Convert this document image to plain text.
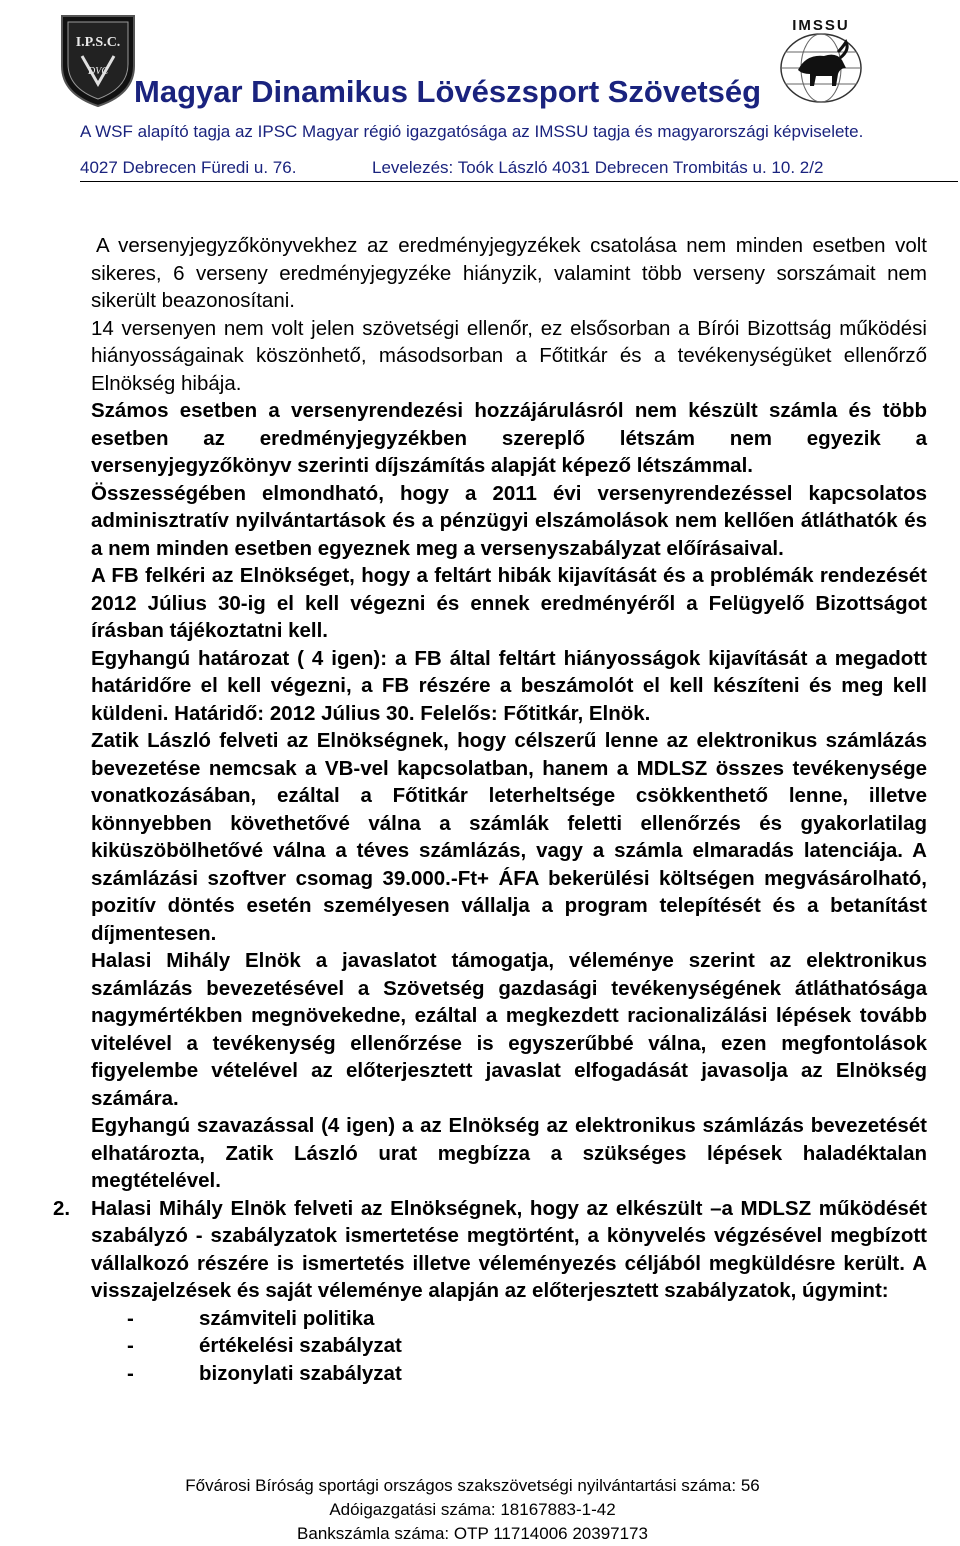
I.P.S.C.
DVC
IMSSU
Magyar Dinamikus Lövészsport Szövetség
A WSF alapító tagja az IPSC Magyar régió igazgatósága az IMSSU tagja és magyarországi képviselete.
4027 Debrecen Füredi u. 76.	Levelezés: Toók László 4031 Debrecen Trombitás u. 10. 2/2

A versenyjegyzőkönyvekhez az eredményjegyzékek csatolása nem minden esetben volt sikeres, 6 verseny eredményjegyzéke hiányzik, valamint több verseny sorszámait nem sikerült beazonosítani.

14 versenyen nem volt jelen szövetségi ellenőr, ez elsősorban a Bírói Bizottság működési hiányosságainak köszönhető, másodsorban a Főtitkár és a tevékenységüket ellenőrző Elnökség hibája.

Számos esetben a versenyrendezési hozzájárulásról nem készült számla és több esetben az eredményjegyzékben szereplő létszám nem egyezik a versenyjegyzőkönyv szerinti díjszámítás alapját képező létszámmal.

Összességében elmondható, hogy a 2011 évi versenyrendezéssel kapcsolatos adminisztratív nyilvántartások és a pénzügyi elszámolások nem kellően átláthatók és a nem minden esetben egyeznek meg a versenyszabályzat előírásaival.

A FB felkéri az Elnökséget, hogy a feltárt hibák kijavítását és a problémák rendezését 2012 Július 30-ig el kell végezni és ennek eredményéről a Felügyelő Bizottságot írásban tájékoztatni kell.

Egyhangú határozat ( 4 igen): a FB által feltárt hiányosságok kijavítását a megadott határidőre el kell végezni, a FB részére a beszámolót el kell készíteni és meg kell küldeni. Határidő: 2012 Július 30. Felelős: Főtitkár, Elnök.

Zatik László felveti az Elnökségnek, hogy célszerű lenne az elektronikus számlázás bevezetése nemcsak a VB-vel kapcsolatban, hanem a MDLSZ összes tevékenysége vonatkozásában, ezáltal a Főtitkár leterheltsége csökkenthető lenne, illetve könnyebben követhetővé válna a számlák feletti ellenőrzés és gyakorlatilag kiküszöbölhetővé válna a téves számlázás, vagy a számla elmaradás latenciája. A számlázási szoftver csomag 39.000.-Ft+ ÁFA bekerülési költségen megvásárolható, pozitív döntés esetén személyesen vállalja a program telepítését és a betanítást díjmentesen.

Halasi Mihály Elnök a javaslatot támogatja, véleménye szerint az elektronikus számlázás bevezetésével a Szövetség gazdasági tevékenységének átláthatósága nagymértékben megnövekedne, ezáltal a megkezdett racionalizálási lépések tovább vitelével a tevékenység ellenőrzése is egyszerűbbé válna, ezen megfontolások figyelembe vételével az előterjesztett javaslat elfogadását javasolja az Elnökség számára.

Egyhangú szavazással (4 igen) a az Elnökség az elektronikus számlázás bevezetését elhatározta, Zatik László urat megbízza a szükséges lépések haladéktalan megtételével.

2. Halasi Mihály Elnök felveti az Elnökségnek, hogy az elkészült –a MDLSZ működését szabályzó - szabályzatok ismertetése megtörtént, a könyvelés végzésével megbízott vállalkozó részére is ismertetés illetve véleményezés céljából megküldésre került. A visszajelzések és saját véleménye alapján az előterjesztett szabályzatok, úgymint:

-	számviteli politika
-	értékelési szabályzat
-	bizonylati szabályzat
Fővárosi Bíróság sportági országos szakszövetségi nyilvántartási száma: 56
Adóigazgatási száma: 18167883-1-42
Bankszámla száma: OTP 11714006 20397173
